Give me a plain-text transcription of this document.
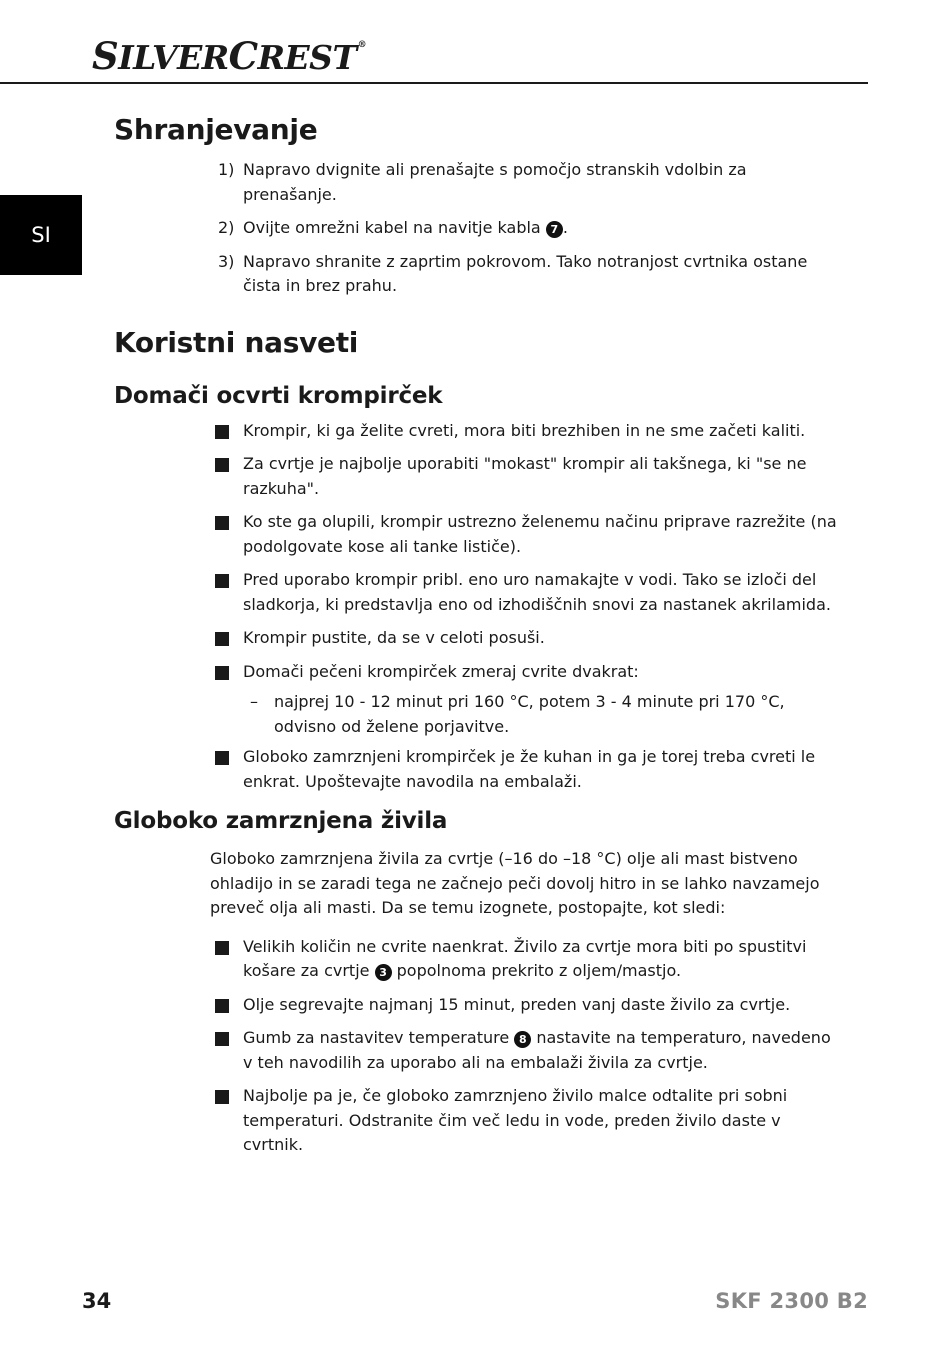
SILVERCREST®
SI
Shranjevanje
1) Napravo dvignite ali prenašajte s pomočjo stranskih vdolbin za prenašanje.
2) Ovijte omrežni kabel na navitje kabla 7 .
3) Napravo shranite z zaprtim pokrovom. Tako notranjost cvrtnika ostane čista in brez prahu.
Koristni nasveti
Domači ocvrti krompirček
Krompir, ki ga želite cvreti, mora biti brezhiben in ne sme začeti kaliti.
Za cvrtje je najbolje uporabiti "mokast" krompir ali takšnega, ki "se ne razkuha".
Ko ste ga olupili, krompir ustrezno želenemu načinu priprave razrežite (na podolgovate kose ali tanke lističe).
Pred uporabo krompir pribl. eno uro namakajte v vodi. Tako se izloči del sladkorja, ki predstavlja eno od izhodiščnih snovi za nastanek akrilamida.
Krompir pustite, da se v celoti posuši.
Domači pečeni krompirček zmeraj cvrite dvakrat:
– najprej 10 - 12 minut pri 160 °C, potem 3 - 4 minute pri 170 °C, odvisno od želene porjavitve.
Globoko zamrznjeni krompirček je že kuhan in ga je torej treba cvreti le enkrat. Upoštevajte navodila na embalaži.
Globoko zamrznjena živila
Globoko zamrznjena živila za cvrtje (–16 do –18 °C) olje ali mast bistveno ohladijo in se zaradi tega ne začnejo peči dovolj hitro in se lahko navzamejo preveč olja ali masti. Da se temu izognete, postopajte, kot sledi:
Velikih količin ne cvrite naenkrat. Živilo za cvrtje mora biti po spustitvi košare za cvrtje 3 popolnoma prekrito z oljem/mastjo.
Olje segrevajte najmanj 15 minut, preden vanj daste živilo za cvrtje.
Gumb za nastavitev temperature 8 nastavite na temperaturo, navedeno v teh navodilih za uporabo ali na embalaži živila za cvrtje.
Najbolje pa je, če globoko zamrznjeno živilo malce odtalite pri sobni temperaturi. Odstranite čim več ledu in vode, preden živilo daste v cvrtnik.
34	SKF 2300 B2
